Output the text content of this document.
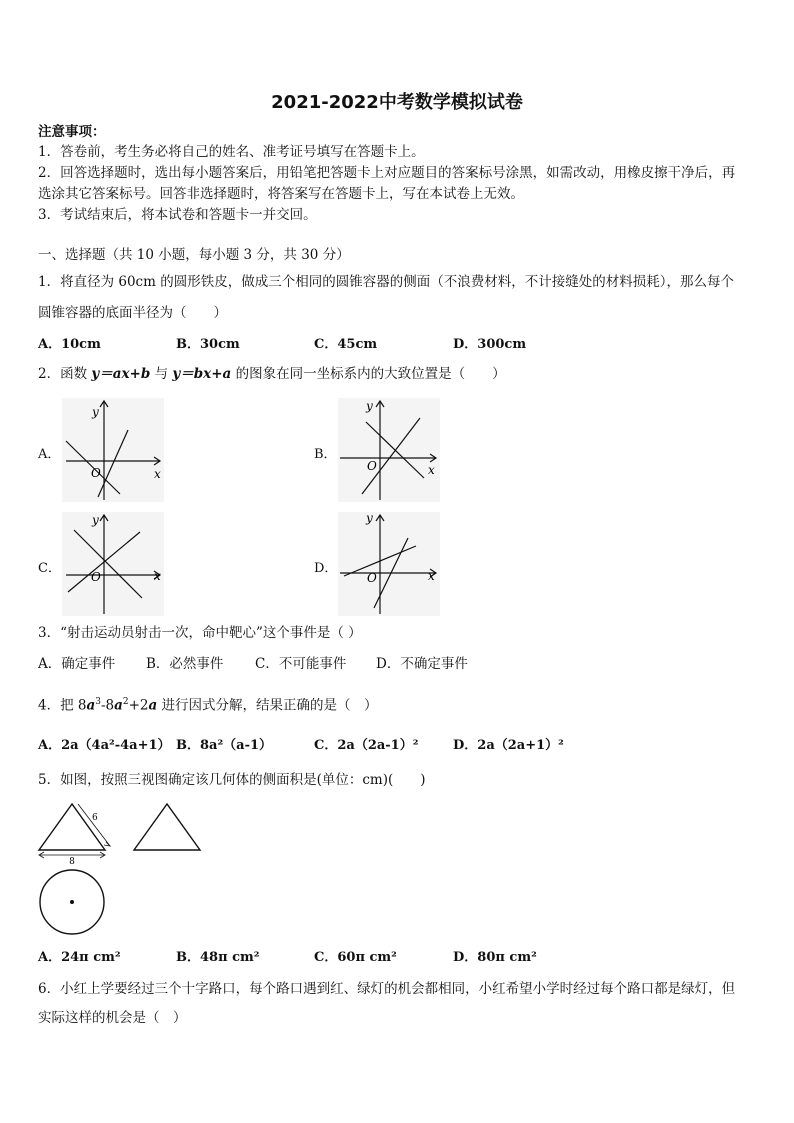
2021-2022中考数学模拟试卷
注意事项：
1．答卷前，考生务必将自己的姓名、准考证号填写在答题卡上。
2．回答选择题时，选出每小题答案后，用铅笔把答题卡上对应题目的答案标号涂黑，如需改动，用橡皮擦干净后，再
选涂其它答案标号。回答非选择题时，将答案写在答题卡上，写在本试卷上无效。
3．考试结束后，将本试卷和答题卡一并交回。
一、选择题（共 10 小题，每小题 3 分，共 30 分）
1．将直径为 60cm 的圆形铁皮，做成三个相同的圆锥容器的侧面（不浪费材料，不计接缝处的材料损耗），那么每个
圆锥容器的底面半径为（　　）
A．10cm	B．30cm	C．45cm	D．300cm
2．函数 y＝ax+b 与 y＝bx+a 的图象在同一坐标系内的大致位置是（　　）
A．
y
x
O
B．
y
x
O
C．
y
x
O
D．
y
x
O
3．“射击运动员射击一次，命中靶心”这个事件是（ ）
A．确定事件 B．必然事件 C．不可能事件 D．不确定事件
4．把 $8a^3-8a^2+2a$ 进行因式分解，结果正确的是（　）
A．2a（4a²-4a+1） B．8a²（a-1）	C．2a（2a-1）²	D．2a（2a+1）²
5．如图，按照三视图确定该几何体的侧面积是(单位：cm)(　　)
6
8
A．24π cm²	B．48π cm²	C．60π cm²	D．80π cm²
6．小红上学要经过三个十字路口，每个路口遇到红、绿灯的机会都相同，小红希望小学时经过每个路口都是绿灯，但
实际这样的机会是（　）
